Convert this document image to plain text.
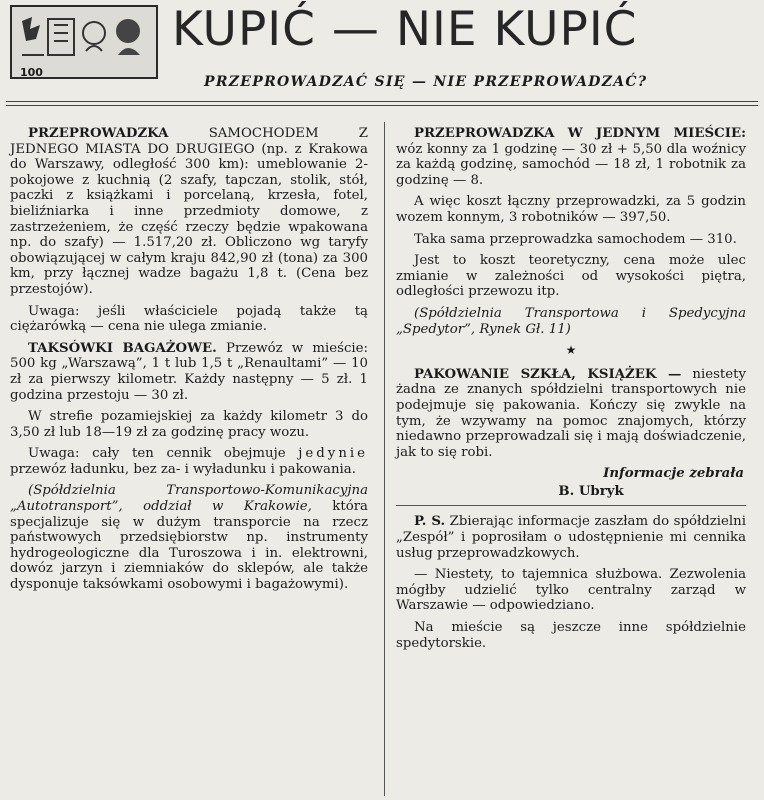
100
KUPIĆ — NIE KUPIĆ
PRZEPROWADZAĆ SIĘ — NIE PRZEPROWADZAĆ?

PRZEPROWADZKA	SAMOCHODEM Z JEDNEGO MIASTA DO DRUGIEGO (np. z Krakowa do Warszawy, odległość 300 km): umeblowanie 2-pokojowe z kuchnią (2 szafy, tapczan, stolik, stół, paczki z książkami i porcelaną, krzesła, fotel, bieliźniarka i inne przedmioty domowe, z zastrzeżeniem, że część rzeczy będzie wpakowana np. do szafy) — 1.517,20 zł. Obliczono wg taryfy obowiązującej w całym kraju 842,90 zł (tona) za 300 km, przy łącznej wadze bagażu 1,8 t. (Cena bez przestojów).

Uwaga: jeśli właściciele pojadą także tą ciężarówką — cena nie ulega zmianie.

TAKSÓWKI BAGAŻOWE. Przewóz w mieście: 500 kg „Warszawą”, 1 t lub 1,5 t „Renaultami” — 10 zł za pierwszy kilometr. Każdy następny — 5 zł. 1 godzina przestoju — 30 zł.

W strefie pozamiejskiej za każdy kilometr 3 do 3,50 zł lub 18—19 zł za godzinę pracy wozu.

Uwaga: cały ten cennik obejmuje jedynie przewóz ładunku, bez za- i wyładunku i pakowania.

(Spółdzielnia Transportowo-Komunikacyjna „Autotransport”, oddział w Krakowie, która specjalizuje się w dużym transporcie na rzecz państwowych przedsiębiorstw np. instrumenty hydrogeologiczne dla Turoszowa i in. elektrowni, dowóz jarzyn i ziemniaków do sklepów, ale także dysponuje taksówkami osobowymi i bagażowymi).

PRZEPROWADZKA W JEDNYM MIEŚCIE: wóz konny za 1 godzinę — 30 zł + 5,50 dla woźnicy za każdą godzinę, samochód — 18 zł, 1 robotnik za godzinę — 8.

A więc koszt łączny przeprowadzki, za 5 godzin wozem konnym, 3 robotników — 397,50.

Taka sama przeprowadzka samochodem — 310.

Jest to koszt teoretyczny, cena może ulec zmianie w zależności od wysokości piętra, odległości przewozu itp.

(Spółdzielnia Transportowa i Spedycyjna „Spedytor”, Rynek Gł. 11)

★

PAKOWANIE SZKŁA, KSIĄŻEK — niestety żadna ze znanych spółdzielni transportowych nie podejmuje się pakowania. Kończy się zwykle na tym, że wzywamy na pomoc znajomych, którzy niedawno przeprowadzali się i mają doświadczenie, jak to się robi.

Informacje zebrała
B. Ubryk

P. S. Zbierając informacje zaszłam do spółdzielni „Zespół” i poprosiłam o udostępnienie mi cennika usług przeprowadzkowych.

— Niestety, to tajemnica służbowa. Zezwolenia mógłby udzielić tylko centralny zarząd w Warszawie — odpowiedziano.

Na mieście są jeszcze inne spółdzielnie spedytorskie.
